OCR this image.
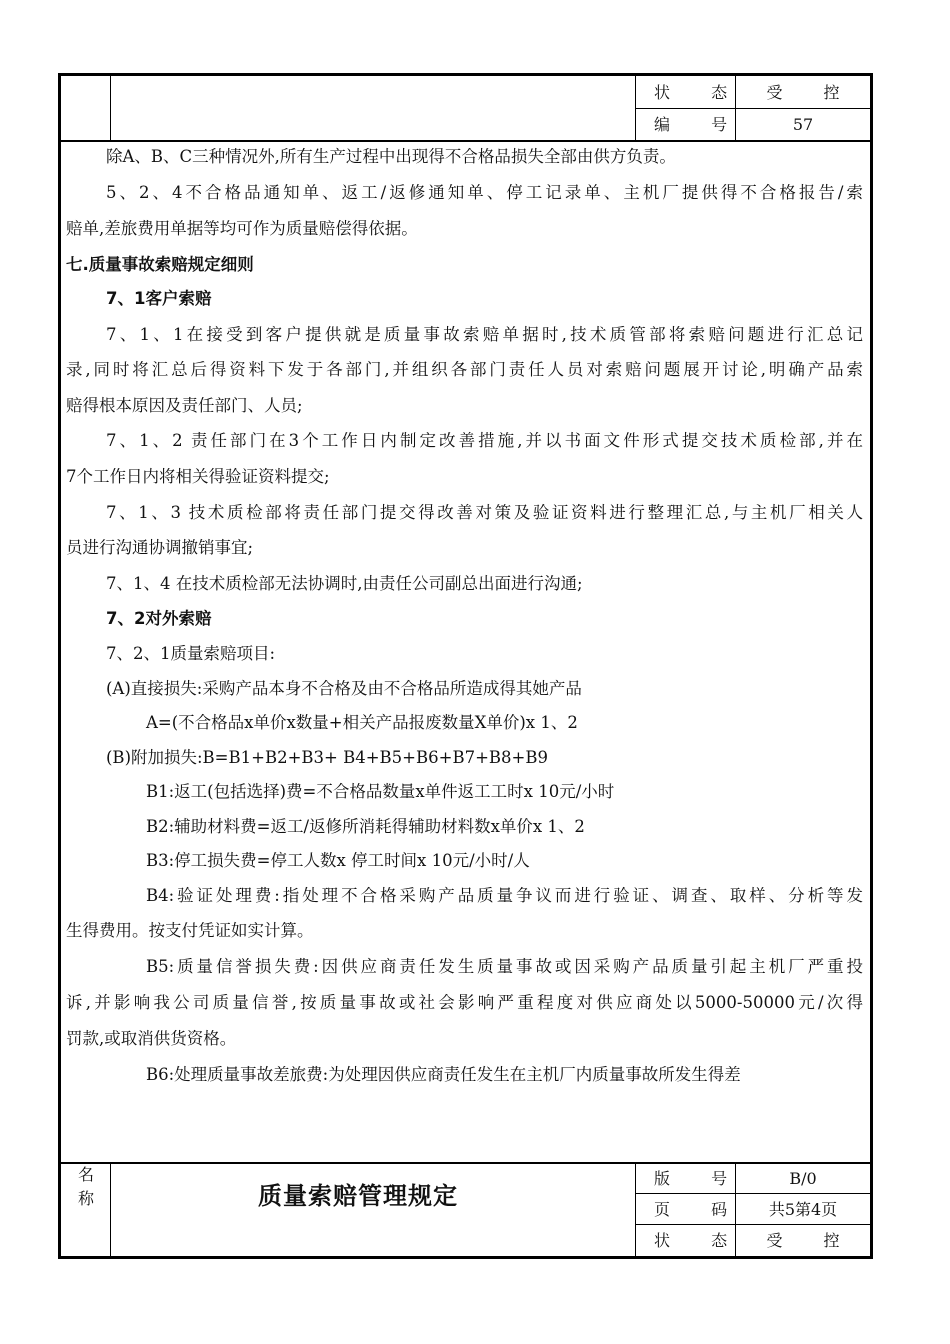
状 态	受 控
编 号	57
除A、B、C三种情况外,所有生产过程中出现得不合格品损失全部由供方负责。
5、2、4不合格品通知单、返工/返修通知单、停工记录单、主机厂提供得不合格报告/索
赔单,差旅费用单据等均可作为质量赔偿得依据。
七.质量事故索赔规定细则
7、1客户索赔
7、1、1在接受到客户提供就是质量事故索赔单据时,技术质管部将索赔问题进行汇总记
录,同时将汇总后得资料下发于各部门,并组织各部门责任人员对索赔问题展开讨论,明确产品索
赔得根本原因及责任部门、人员;
7、1、2 责任部门在3个工作日内制定改善措施,并以书面文件形式提交技术质检部,并在
7个工作日内将相关得验证资料提交;
7、1、3 技术质检部将责任部门提交得改善对策及验证资料进行整理汇总,与主机厂相关人
员进行沟通协调撤销事宜;
7、1、4 在技术质检部无法协调时,由责任公司副总出面进行沟通;
7、2对外索赔
7、2、1质量索赔项目:
(A)直接损失:采购产品本身不合格及由不合格品所造成得其她产品
A=(不合格品x单价x数量+相关产品报废数量X单价)x 1、2
(B)附加损失:B=B1+B2+B3+ B4+B5+B6+B7+B8+B9
B1:返工(包括选择)费=不合格品数量x单件返工工时x 10元/小时
B2:辅助材料费=返工/返修所消耗得辅助材料数x单价x 1、2
B3:停工损失费=停工人数x 停工时间x 10元/小时/人
B4:验证处理费:指处理不合格采购产品质量争议而进行验证、调查、取样、分析等发
生得费用。按支付凭证如实计算。
B5:质量信誉损失费:因供应商责任发生质量事故或因采购产品质量引起主机厂严重投
诉,并影响我公司质量信誉,按质量事故或社会影响严重程度对供应商处以5000-50000元/次得
罚款,或取消供货资格。
B6:处理质量事故差旅费:为处理因供应商责任发生在主机厂内质量事故所发生得差
名
称	质量索赔管理规定
版 号	B/0
页 码	共5第4页
状 态	受 控
